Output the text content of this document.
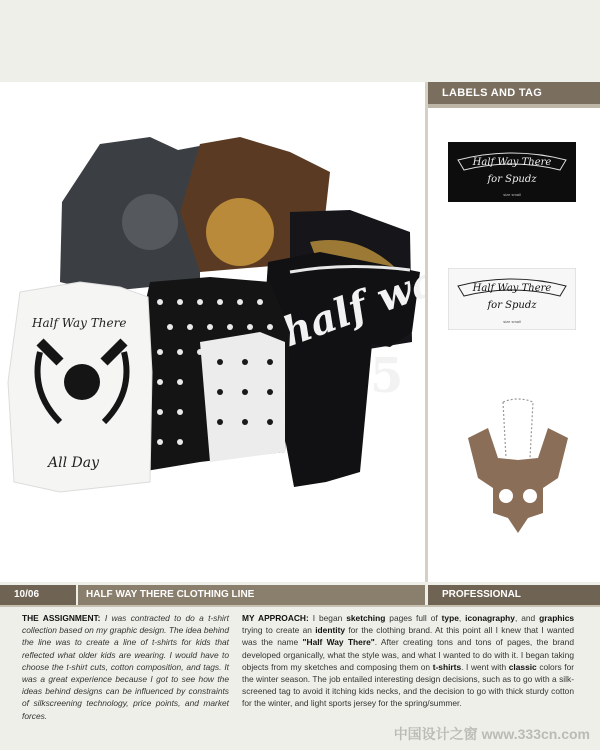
half way
5
Half Way There
All Day
LABELS AND TAG
Half Way There
for Spudz
size small
Half Way There
for Spudz
size small
10/06	HALF WAY THERE CLOTHING LINE	PROFESSIONAL
THE ASSIGNMENT: I was contracted to do a t-shirt collection based on my graphic design. The idea behind the line was to create a line of t-shirts for kids that reflected what older kids are wearing. I would have to choose the t-shirt cuts, cotton composition, and tags. It was a great experience because I got to see how the ideas behind designs can be influenced by constraints of silkscreening technology, price points, and market forces.
MY APPROACH: I began sketching pages full of type, iconagraphy, and graphics trying to create an identity for the clothing brand. At this point all I knew that I wanted was the name "Half Way There". After creating tons and tons of pages, the brand developed organically, what the style was, and what I wanted to do with it. I began taking objects from my sketches and composing them on t-shirts. I went with classic colors for the winter season. The job entailed interesting design decisions, such as to go with a silk-screened tag to avoid it itching kids necks, and the decision to go with thick sturdy cotton for the winter, and light sports jersey for the spring/summer.
中国设计之窗 www.333cn.com
